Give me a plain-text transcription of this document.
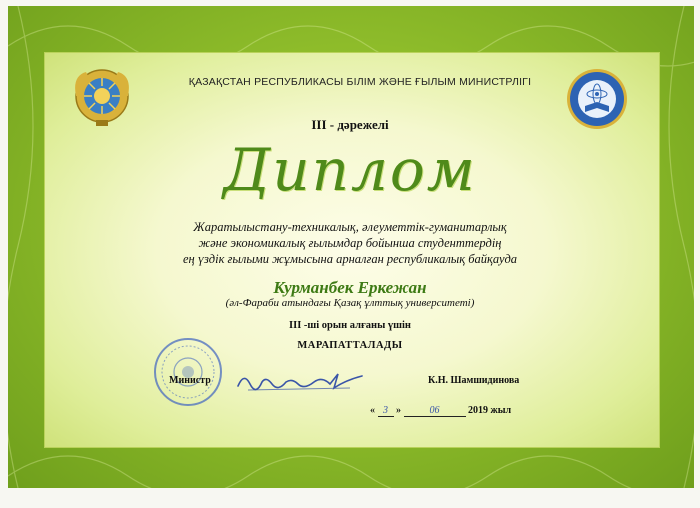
ҚАЗАҚСТАН РЕСПУБЛИКАСЫ БІЛІМ ЖӘНЕ ҒЫЛЫМ МИНИСТРЛІГІ
III - дәрежелі
Диплом
Жаратылыстану-техникалық, әлеуметтік-гуманитарлық
және экономикалық ғылымдар бойынша студенттердің
ең үздік ғылыми жұмысына арналған республикалық байқауда
Курманбек Еркежан
(әл-Фараби атындағы Қазақ ұлттық университеті)
III -ші орын алғаны үшін
МАРАПАТТАЛАДЫ
Министр	К.Н. Шамшидинова
« 3 »	06	2019 жыл
